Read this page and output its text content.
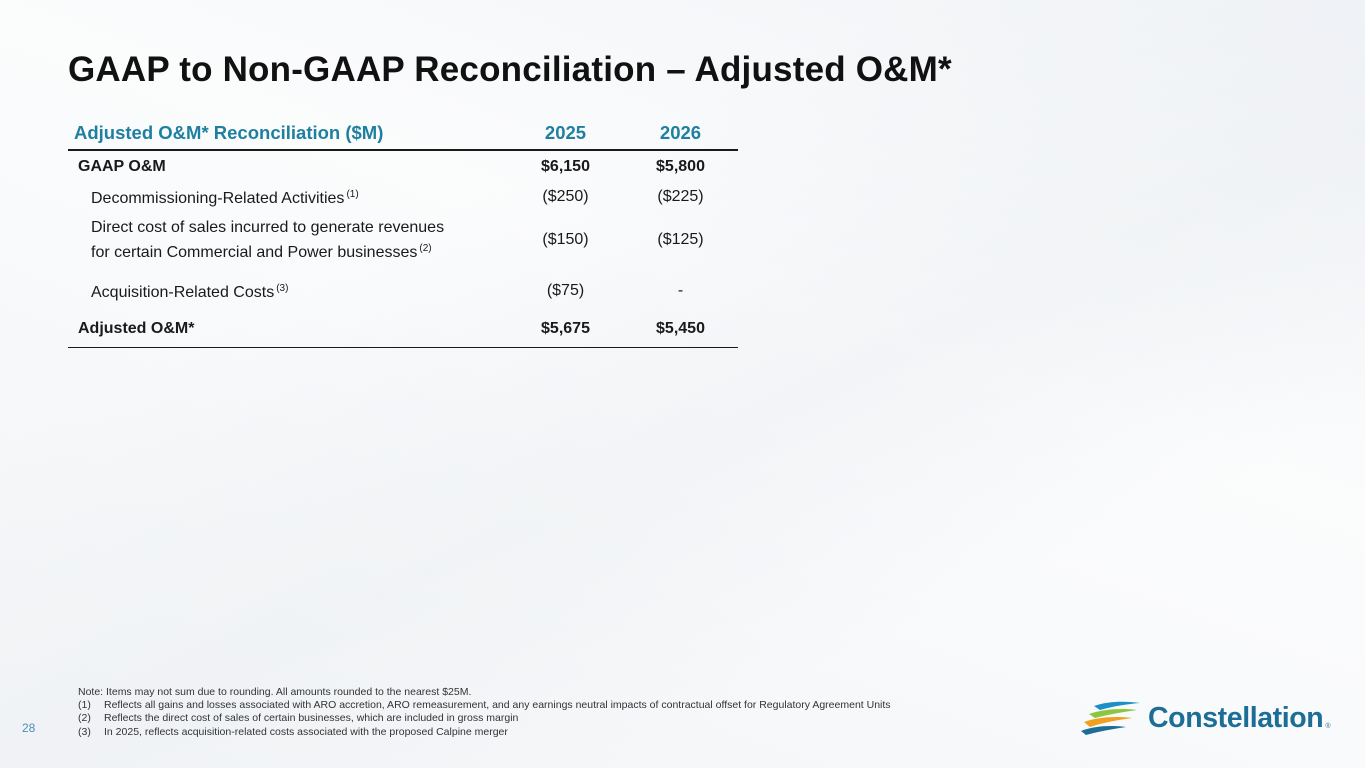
GAAP to Non-GAAP Reconciliation – Adjusted O&M*
Adjusted O&M* Reconciliation ($M)	2025	2026
GAAP O&M	$6,150	$5,800
Decommissioning-Related Activities $^{(1)}$	($250)	($225)
Direct cost of sales incurred to generate revenues
for certain Commercial and Power businesses $^{(2)}$	($150)	($125)
Acquisition-Related Costs $^{(3)}$	($75)	-
Adjusted O&M*	$5,675	$5,450
Note: Items may not sum due to rounding. All amounts rounded to the nearest $25M.
(1)	Reflects all gains and losses associated with ARO accretion, ARO remeasurement, and any earnings neutral impacts of contractual offset for Regulatory Agreement Units
(2)	Reflects the direct cost of sales of certain businesses, which are included in gross margin
(3)	In 2025, reflects acquisition-related costs associated with the proposed Calpine merger
28	Constellation ®
